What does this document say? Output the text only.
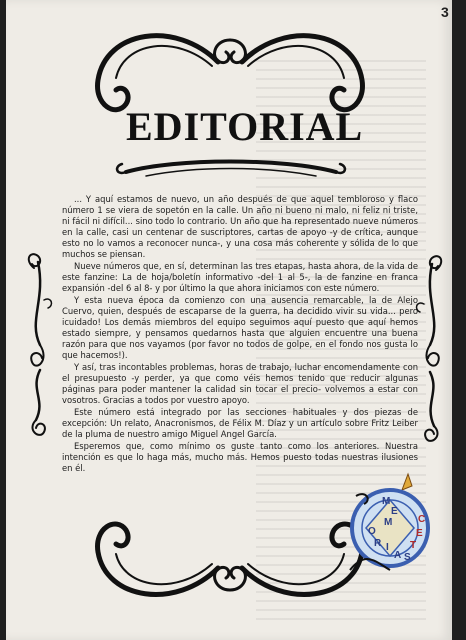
3
EDITORIAL

... Y aquí estamos de nuevo, un año después de que aquel tembloroso y flaco número 1 se viera de sopetón en la calle. Un año ni bueno ni malo, ni feliz ni triste, ni fácil ni difícil... sino todo lo contrario. Un año que ha representado nueve números en la calle, casi un centenar de suscriptores, cartas de apoyo -y de crítica, aunque esto no lo vamos a reconocer nunca-, y una cosa más coherente y sólida de lo que muchos se piensan.

Nueve números que, en sí, determinan las tres etapas, hasta ahora, de la vida de este fanzine: La de hoja/boletín informativo -del 1 al 5-, la de fanzine en franca expansión -del 6 al 8- y por último la que ahora iniciamos con este número.

Y esta nueva época da comienzo con una ausencia remarcable, la de Alejo Cuervo, quien, después de escaparse de la guerra, ha decidido vivir su vida... pero icuidado! Los demás miembros del equipo seguimos aquí puesto que aquí hemos estado siempre, y pensamos quedarnos hasta que alguien encuentre una buena razón para que nos vayamos (por favor no todos de golpe, en el fondo nos gusta lo que hacemos!).

Y así, tras incontables problemas, horas de trabajo, luchar encomendamente con el presupuesto -y perder, ya que como véis hemos tenido que reducir algunas páginas para poder mantener la calidad sin tocar el precio- volvemos a estar con vosotros. Gracias a todos por vuestro apoyo.

Este número está integrado por las secciones habituales y dos piezas de excepción: Un relato, Anacronismos, de Félix M. Díaz y un artículo sobre Fritz Leiber de la pluma de nuestro amigo Miguel Angel García.

Esperemos que, como mínimo os guste tanto como los anteriores. Nuestra intención es que lo haga más, mucho más. Hemos puesto todas nuestras ilusiones en él.

M
E
M
O
R I
A S
T
E
C
